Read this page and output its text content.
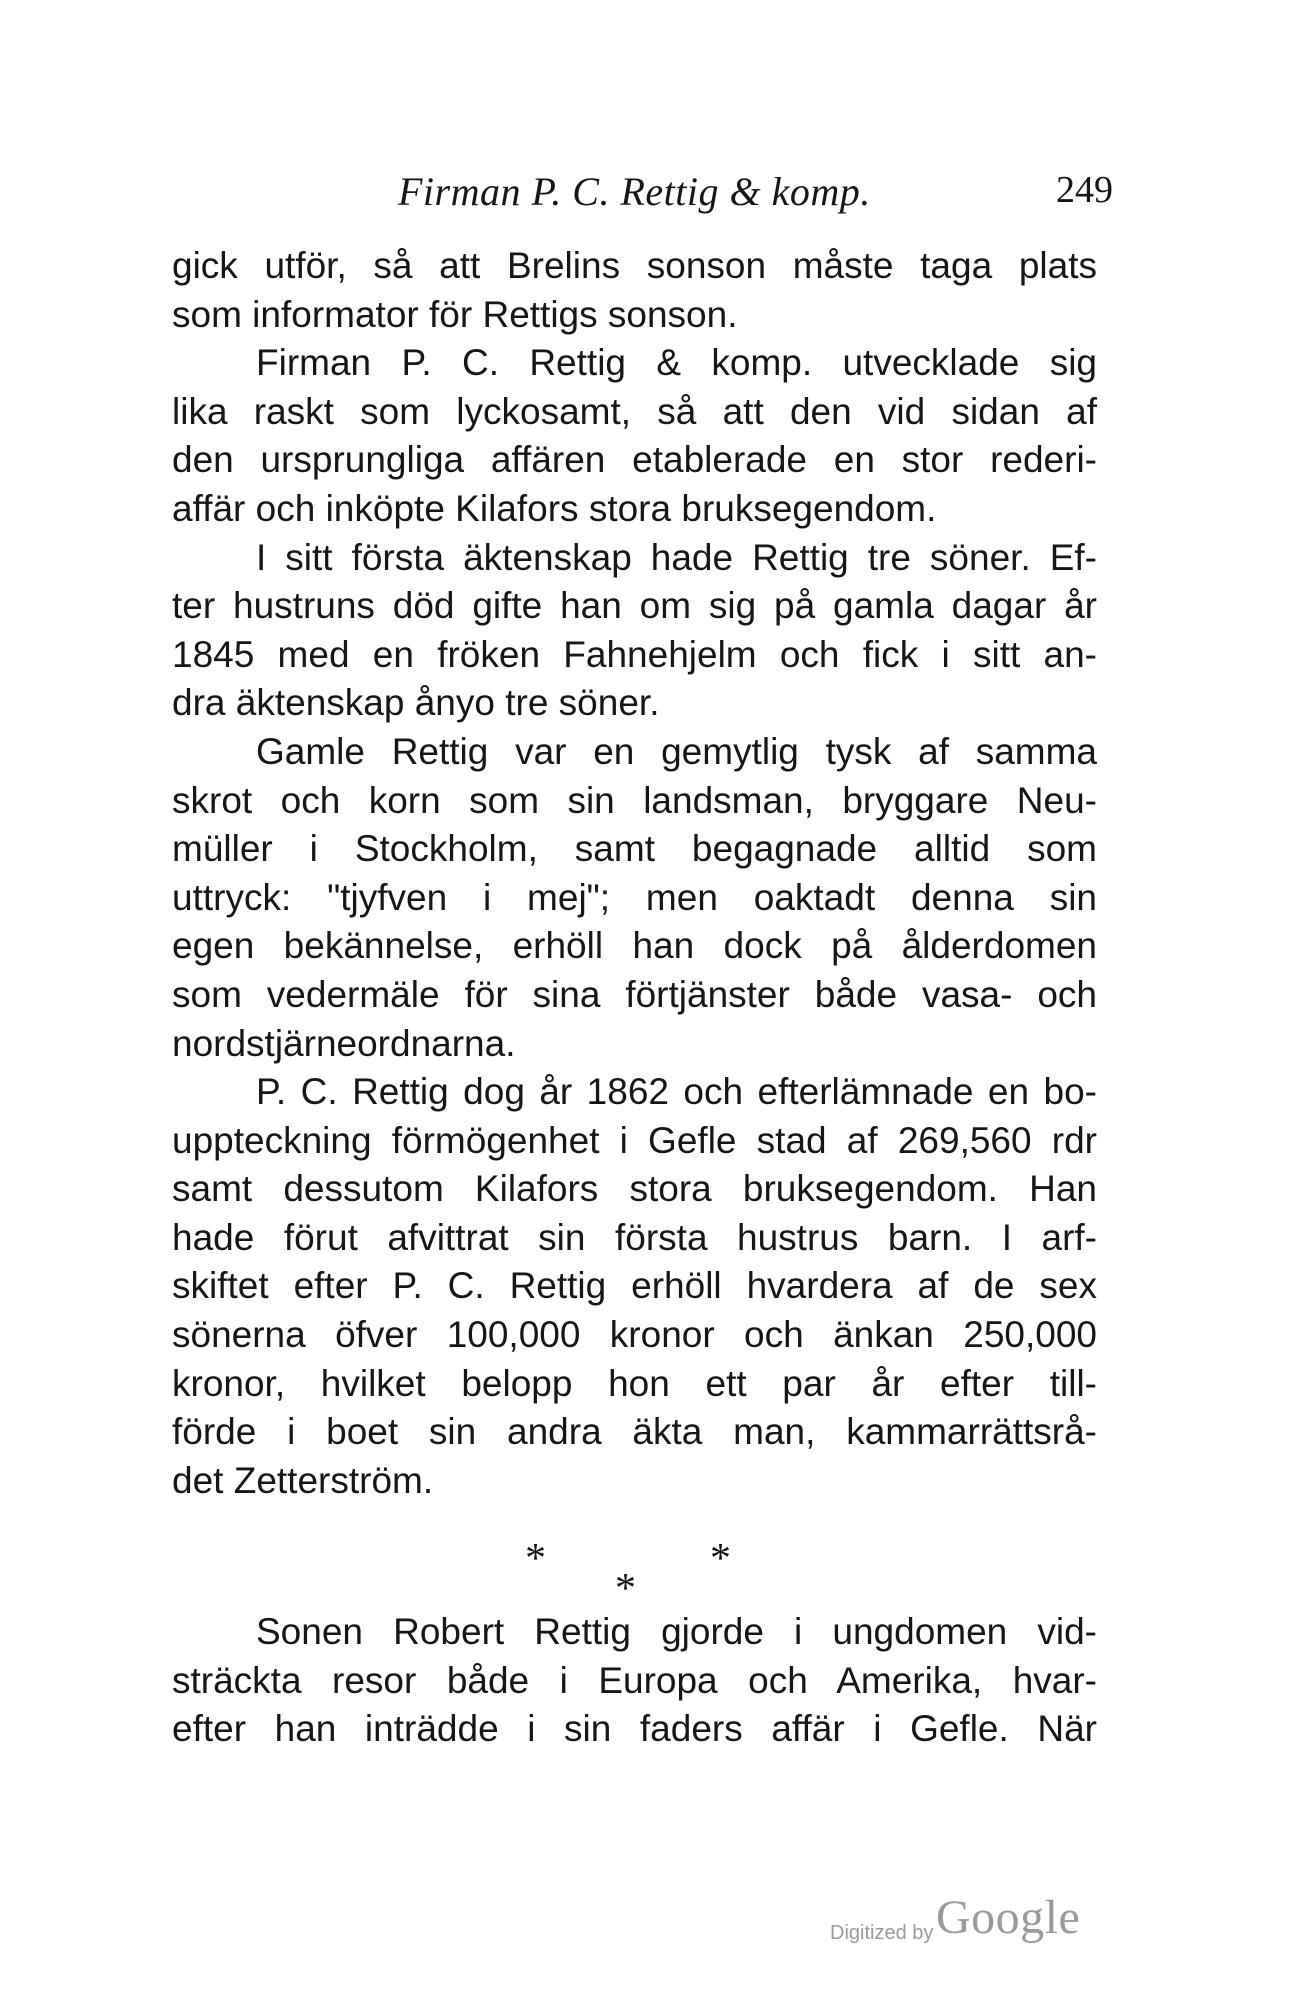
Firman P. C. Rettig & komp.	249
gick utför, så att Brelins sonson måste taga plats
som informator för Rettigs sonson.
Firman P. C. Rettig & komp. utvecklade sig
lika raskt som lyckosamt, så att den vid sidan af
den ursprungliga affären etablerade en stor rederi-
affär och inköpte Kilafors stora bruksegendom.
I sitt första äktenskap hade Rettig tre söner. Ef-
ter hustruns död gifte han om sig på gamla dagar år
1845 med en fröken Fahnehjelm och fick i sitt an-
dra äktenskap ånyo tre söner.
Gamle Rettig var en gemytlig tysk af samma
skrot och korn som sin landsman, bryggare Neu-
müller i Stockholm, samt begagnade alltid som
uttryck: "tjyfven i mej"; men oaktadt denna sin
egen bekännelse, erhöll han dock på ålderdomen
som vedermäle för sina förtjänster både vasa- och
nordstjärneordnarna.
P. C. Rettig dog år 1862 och efterlämnade en bo-
uppteckning förmögenhet i Gefle stad af 269,560 rdr
samt dessutom Kilafors stora bruksegendom. Han
hade förut afvittrat sin första hustrus barn. I arf-
skiftet efter P. C. Rettig erhöll hvardera af de sex
sönerna öfver 100,000 kronor och änkan 250,000
kronor, hvilket belopp hon ett par år efter till-
förde i boet sin andra äkta man, kammarrättsrå-
det Zetterström.
*
*
*
Sonen Robert Rettig gjorde i ungdomen vid-
sträckta resor både i Europa och Amerika, hvar-
efter han inträdde i sin faders affär i Gefle. När
Digitized by Google
